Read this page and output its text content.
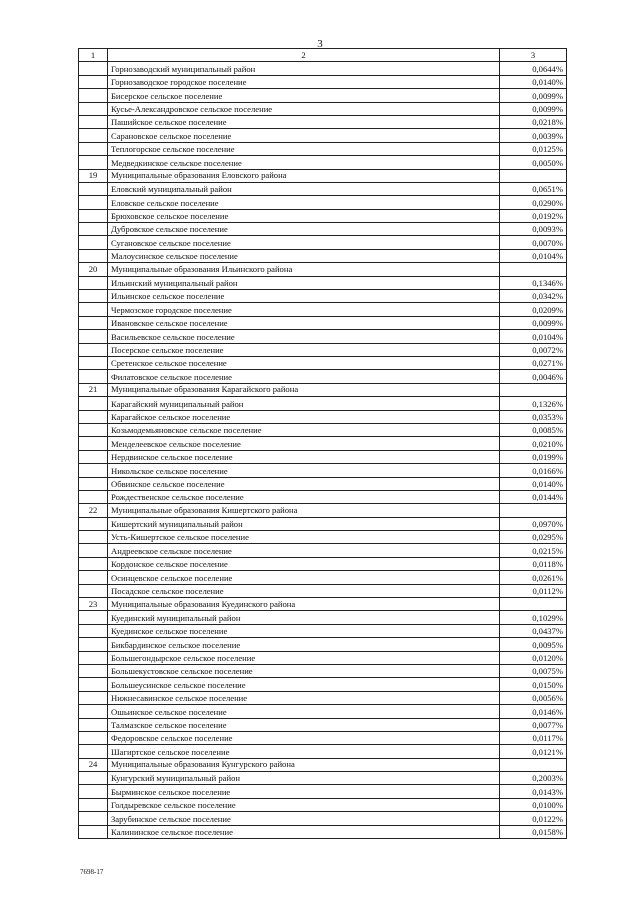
3
1	2	3
	Горнозаводский муниципальный район	0,0644%
	Горнозаводское городское поселение	0,0140%
	Бисерское сельское поселение	0,0099%
	Кусье-Александровское сельское поселение	0,0099%
	Пашийское сельское поселение	0,0218%
	Сарановское сельское поселение	0,0039%
	Теплогорское сельское поселение	0,0125%
	Медведкинское сельское поселение	0,0050%
19	Муниципальные образования Еловского района	
	Еловский муниципальный район	0,0651%
	Еловское сельское поселение	0,0290%
	Брюховское сельское поселение	0,0192%
	Дубровское сельское поселение	0,0093%
	Сугановское сельское поселение	0,0070%
	Малоусинское сельское поселение	0,0104%
20	Муниципальные образования Ильинского района	
	Ильинский муниципальный район	0,1346%
	Ильинское сельское поселение	0,0342%
	Чермозское городское поселение	0,0209%
	Ивановское сельское поселение	0,0099%
	Васильевское сельское поселение	0,0104%
	Посерское сельское поселение	0,0072%
	Сретенское сельское поселение	0,0271%
	Филатовское сельское поселение	0,0046%
21	Муниципальные образования Карагайского района	
	Карагайский муниципальный район	0,1326%
	Карагайское сельское поселение	0,0353%
	Козьмодемьяновское сельское поселение	0,0085%
	Менделеевское сельское поселение	0,0210%
	Нердвинское сельское поселение	0,0199%
	Никольское сельское поселение	0,0166%
	Обвинское сельское поселение	0,0140%
	Рождественское сельское поселение	0,0144%
22	Муниципальные образования Кишертского района	
	Кишертский муниципальный район	0,0970%
	Усть-Кишертское сельское поселение	0,0295%
	Андреевское сельское поселение	0,0215%
	Кордонское сельское поселение	0,0118%
	Осинцевское сельское поселение	0,0261%
	Посадское сельское поселение	0,0112%
23	Муниципальные образования Куединского района	
	Куединский муниципальный район	0,1029%
	Куединское сельское поселение	0,0437%
	Бикбардинское сельское поселение	0,0095%
	Большегондырское сельское поселение	0,0120%
	Большекустовское сельское поселение	0,0075%
	Большеусинское сельское поселение	0,0150%
	Нижнесавинское сельское поселение	0,0056%
	Ошьинское сельское поселение	0,0146%
	Талмазское сельское поселение	0,0077%
	Федоровское сельское поселение	0,0117%
	Шагиртское сельское поселение	0,0121%
24	Муниципальные образования Кунгурского района	
	Кунгурский муниципальный район	0,2003%
	Бырминское сельское поселение	0,0143%
	Голдыревское сельское поселение	0,0100%
	Зарубинское сельское поселение	0,0122%
	Калининское сельское поселение	0,0158%
7698-17
